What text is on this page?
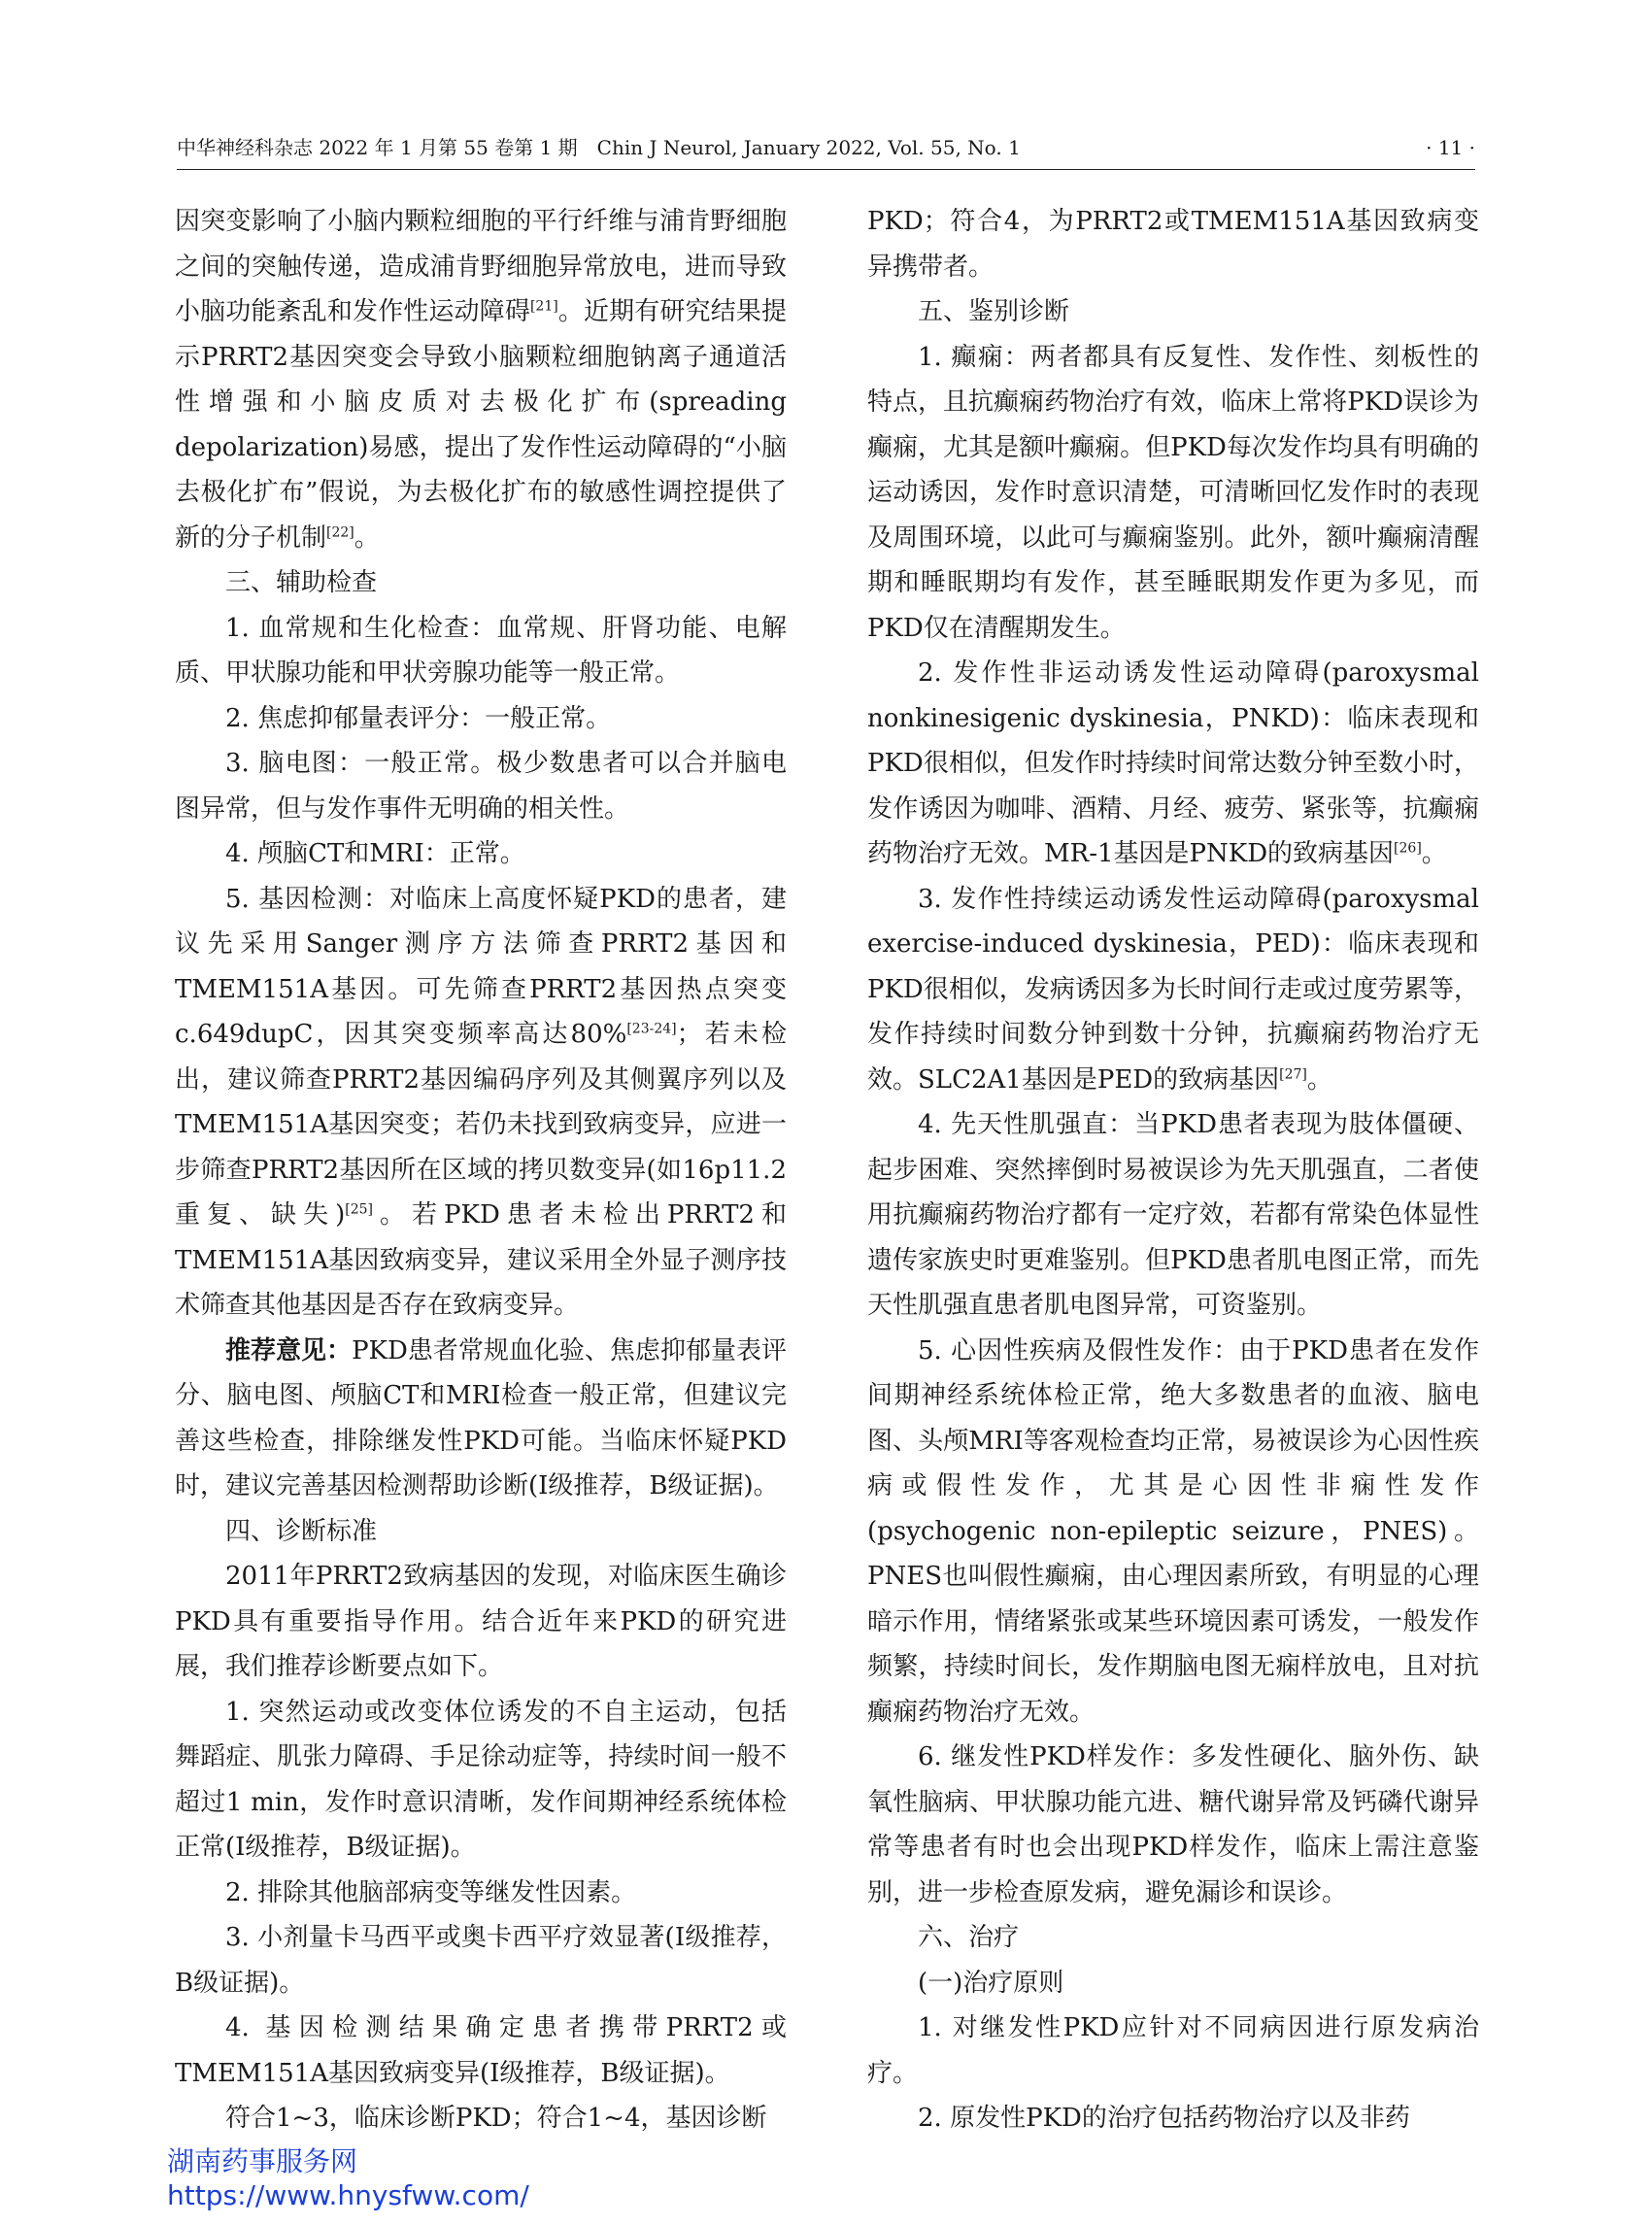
中华神经科杂志 2022 年 1 月第 55 卷第 1 期　Chin J Neurol, January 2022, Vol. 55, No. 1	· 11 ·

因突变影响了小脑内颗粒细胞的平行纤维与浦肯野细胞之间的突触传递，造成浦肯野细胞异常放电，进而导致小脑功能紊乱和发作性运动障碍[21]。近期有研究结果提示PRRT2基因突变会导致小脑颗粒细胞钠离子通道活性增强和小脑皮质对去极化扩布(spreading depolarization)易感，提出了发作性运动障碍的“小脑去极化扩布”假说，为去极化扩布的敏感性调控提供了新的分子机制[22]。

三、辅助检查

1. 血常规和生化检查：血常规、肝肾功能、电解质、甲状腺功能和甲状旁腺功能等一般正常。

2. 焦虑抑郁量表评分：一般正常。

3. 脑电图：一般正常。极少数患者可以合并脑电图异常，但与发作事件无明确的相关性。

4. 颅脑CT和MRI：正常。

5. 基因检测：对临床上高度怀疑PKD的患者，建议先采用Sanger测序方法筛查PRRT2基因和TMEM151A基因。可先筛查PRRT2基因热点突变c.649dupC，因其突变频率高达80%[23‑24]；若未检出，建议筛查PRRT2基因编码序列及其侧翼序列以及TMEM151A基因突变；若仍未找到致病变异，应进一步筛查PRRT2基因所在区域的拷贝数变异(如16p11.2 重复、缺失)[25]。若PKD患者未检出PRRT2和TMEM151A基因致病变异，建议采用全外显子测序技术筛查其他基因是否存在致病变异。

推荐意见：PKD患者常规血化验、焦虑抑郁量表评分、脑电图、颅脑CT和MRI检查一般正常，但建议完善这些检查，排除继发性PKD可能。当临床怀疑PKD时，建议完善基因检测帮助诊断(Ⅰ级推荐，B级证据)。

四、诊断标准

2011年PRRT2致病基因的发现，对临床医生确诊PKD具有重要指导作用。结合近年来PKD的研究进展，我们推荐诊断要点如下。

1. 突然运动或改变体位诱发的不自主运动，包括舞蹈症、肌张力障碍、手足徐动症等，持续时间一般不超过1 min，发作时意识清晰，发作间期神经系统体检正常(Ⅰ级推荐，B级证据)。

2. 排除其他脑部病变等继发性因素。

3. 小剂量卡马西平或奥卡西平疗效显著(Ⅰ级推荐，B级证据)。

4. 基因检测结果确定患者携带PRRT2或TMEM151A基因致病变异(Ⅰ级推荐，B级证据)。

符合1~3，临床诊断PKD；符合1~4，基因诊断

PKD；符合4，为PRRT2或TMEM151A基因致病变异携带者。

五、鉴别诊断

1. 癫痫：两者都具有反复性、发作性、刻板性的特点，且抗癫痫药物治疗有效，临床上常将PKD误诊为癫痫，尤其是额叶癫痫。但PKD每次发作均具有明确的运动诱因，发作时意识清楚，可清晰回忆发作时的表现及周围环境，以此可与癫痫鉴别。此外，额叶癫痫清醒期和睡眠期均有发作，甚至睡眠期发作更为多见，而PKD仅在清醒期发生。

2. 发作性非运动诱发性运动障碍(paroxysmal nonkinesigenic dyskinesia，PNKD)：临床表现和PKD很相似，但发作时持续时间常达数分钟至数小时，发作诱因为咖啡、酒精、月经、疲劳、紧张等，抗癫痫药物治疗无效。MR‑1基因是PNKD的致病基因[26]。

3. 发作性持续运动诱发性运动障碍(paroxysmal exercise‑induced dyskinesia，PED)：临床表现和PKD很相似，发病诱因多为长时间行走或过度劳累等，发作持续时间数分钟到数十分钟，抗癫痫药物治疗无效。SLC2A1基因是PED的致病基因[27]。

4. 先天性肌强直：当PKD患者表现为肢体僵硬、起步困难、突然摔倒时易被误诊为先天肌强直，二者使用抗癫痫药物治疗都有一定疗效，若都有常染色体显性遗传家族史时更难鉴别。但PKD患者肌电图正常，而先天性肌强直患者肌电图异常，可资鉴别。

5. 心因性疾病及假性发作：由于PKD患者在发作间期神经系统体检正常，绝大多数患者的血液、脑电图、头颅MRI等客观检查均正常，易被误诊为心因性疾病或假性发作，尤其是心因性非痫性发作(psychogenic non‑epileptic seizure，PNES)。PNES也叫假性癫痫，由心理因素所致，有明显的心理暗示作用，情绪紧张或某些环境因素可诱发，一般发作频繁，持续时间长，发作期脑电图无痫样放电，且对抗癫痫药物治疗无效。

6. 继发性PKD样发作：多发性硬化、脑外伤、缺氧性脑病、甲状腺功能亢进、糖代谢异常及钙磷代谢异常等患者有时也会出现PKD样发作，临床上需注意鉴别，进一步检查原发病，避免漏诊和误诊。

六、治疗

(一)治疗原则

1. 对继发性PKD应针对不同病因进行原发病治疗。

2. 原发性PKD的治疗包括药物治疗以及非药

湖南药事服务网
https://www.hnysfww.com/
